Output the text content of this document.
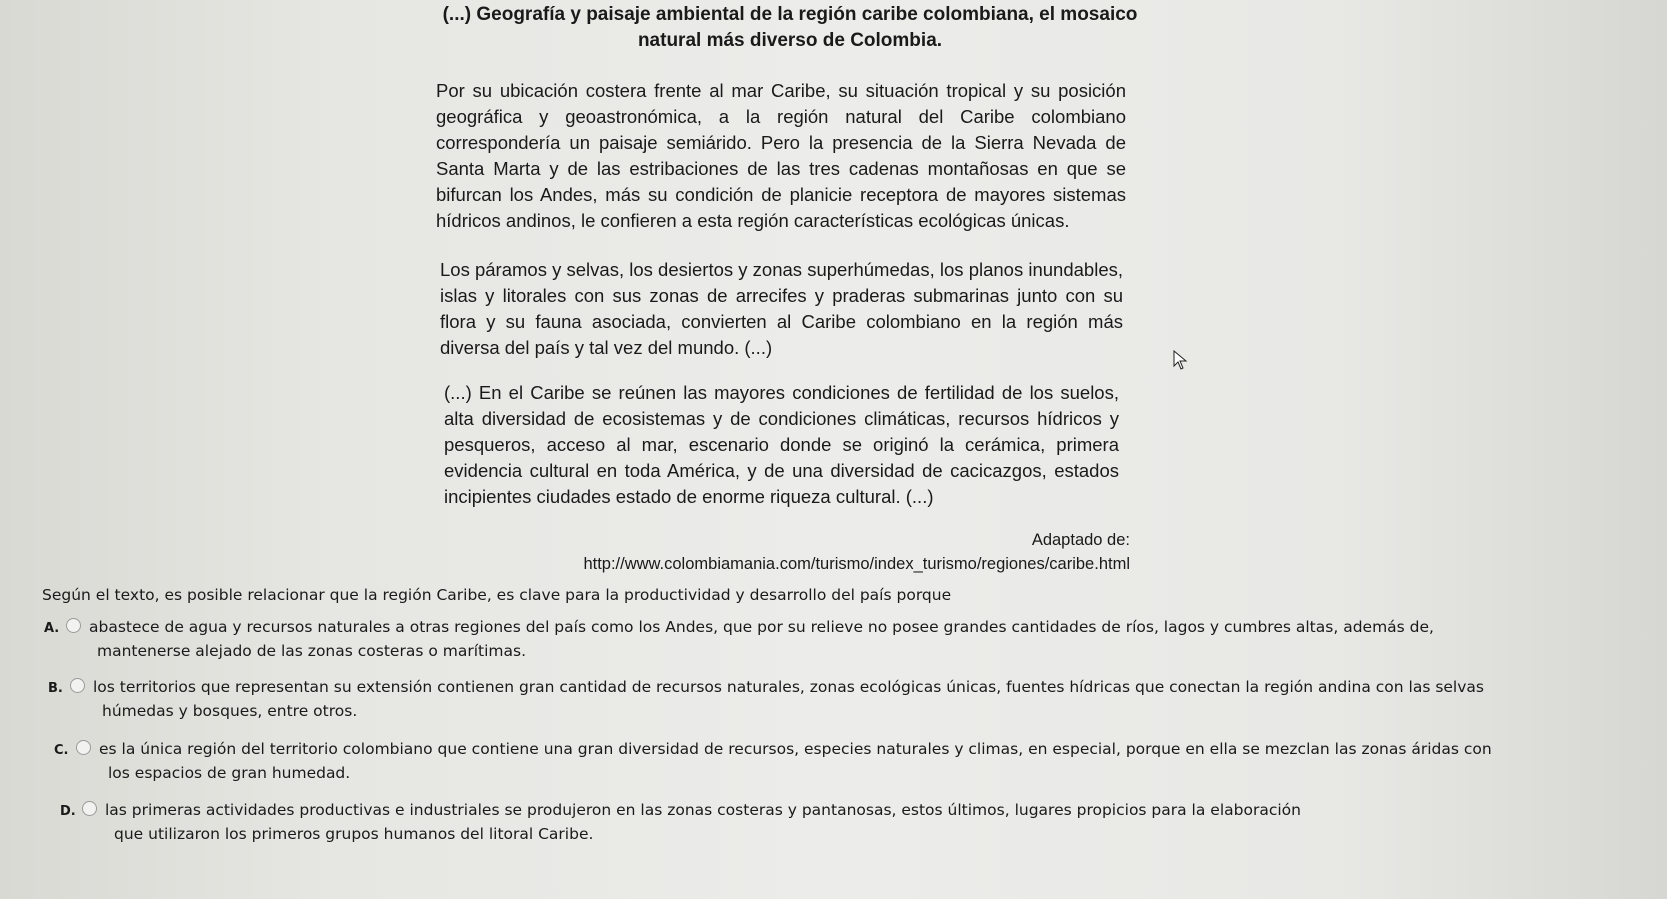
(...) Geografía y paisaje ambiental de la región caribe colombiana, el mosaico

natural más diverso de Colombia.

Por su ubicación costera frente al mar Caribe, su situación tropical y su posición geográfica y geoastronómica, a la región natural del Caribe colombiano correspondería un paisaje semiárido. Pero la presencia de la Sierra Nevada de Santa Marta y de las estribaciones de las tres cadenas montañosas en que se bifurcan los Andes, más su condición de planicie receptora de mayores sistemas hídricos andinos, le confieren a esta región características ecológicas únicas.

Los páramos y selvas, los desiertos y zonas superhúmedas, los planos inundables, islas y litorales con sus zonas de arrecifes y praderas submarinas junto con su flora y su fauna asociada, convierten al Caribe colombiano en la región más diversa del país y tal vez del mundo. (...)

(...) En el Caribe se reúnen las mayores condiciones de fertilidad de los suelos, alta diversidad de ecosistemas y de condiciones climáticas, recursos hídricos y pesqueros, acceso al mar, escenario donde se originó la cerámica, primera evidencia cultural en toda América, y de una diversidad de cacicazgos, estados incipientes ciudades estado de enorme riqueza cultural. (...)

Adaptado de:
http://www.colombiamania.com/turismo/index_turismo/regiones/caribe.html
Según el texto, es posible relacionar que la región Caribe, es clave para la productividad y desarrollo del país porque
A. abastece de agua y recursos naturales a otras regiones del país como los Andes, que por su relieve no posee grandes cantidades de ríos, lagos y cumbres altas, además de,
mantenerse alejado de las zonas costeras o marítimas.
B. los territorios que representan su extensión contienen gran cantidad de recursos naturales, zonas ecológicas únicas, fuentes hídricas que conectan la región andina con las selvas
húmedas y bosques, entre otros.
C. es la única región del territorio colombiano que contiene una gran diversidad de recursos, especies naturales y climas, en especial, porque en ella se mezclan las zonas áridas con
los espacios de gran humedad.
D. las primeras actividades productivas e industriales se produjeron en las zonas costeras y pantanosas, estos últimos, lugares propicios para la elaboración
que utilizaron los primeros grupos humanos del litoral Caribe.
